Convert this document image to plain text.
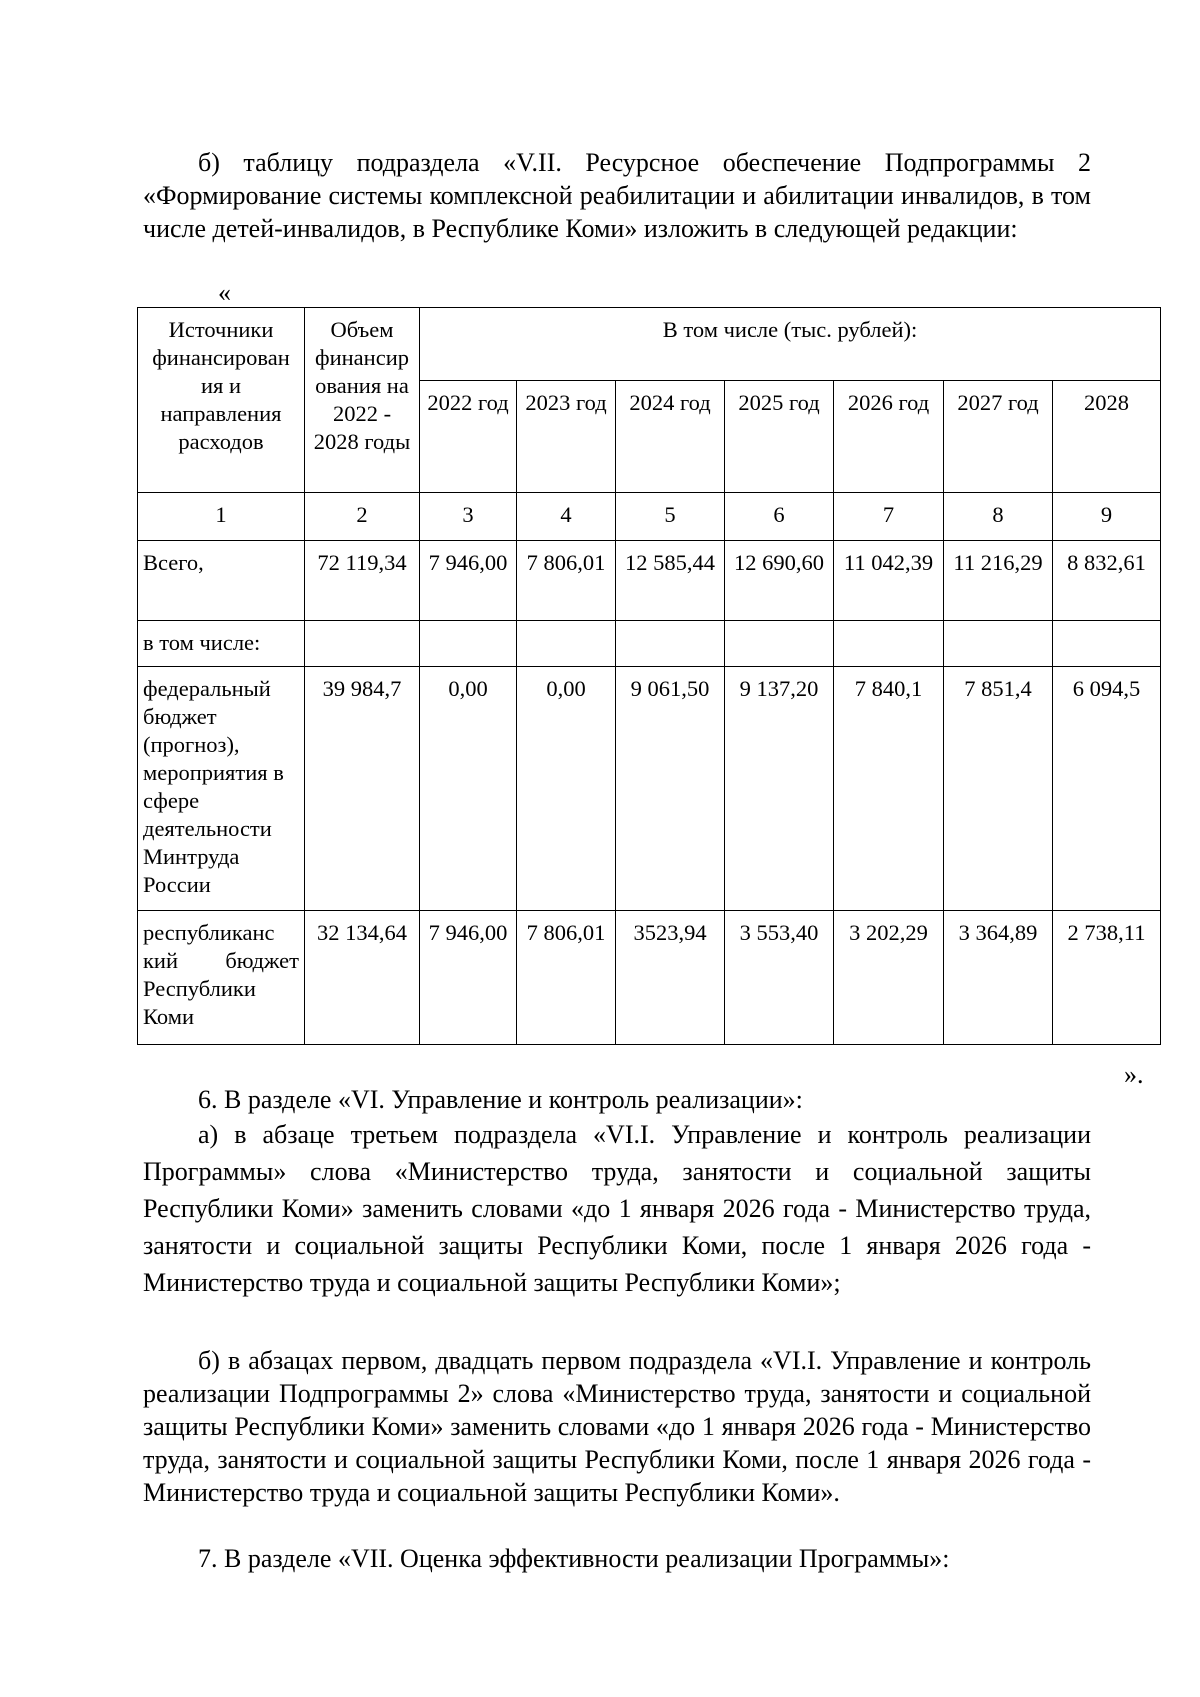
б) таблицу подраздела «V.II. Ресурсное обеспечение Подпрограммы 2 «Формирование системы комплексной реабилитации и абилитации инвалидов, в том числе детей-инвалидов, в Республике Коми» изложить в следующей редакции:

«
Источники финансирован ия и направления расходов	Объем финансир ования на 2022 - 2028 годы	В том числе (тыс. рублей):						
		2022 год	2023 год	2024 год	2025 год	2026 год	2027 год	2028
1	2	3	4	5	6	7	8	9
Всего,	72 119,34	7 946,00	7 806,01	12 585,44	12 690,60	11 042,39	11 216,29	8 832,61
в том числе:								
федеральный бюджет (прогноз), мероприятия в сфере деятельности Минтруда России	39 984,7	0,00	0,00	9 061,50	9 137,20	7 840,1	7 851,4	6 094,5
республиканс кий бюджет Республики Коми	32 134,64	7 946,00	7 806,01	3523,94	3 553,40	3 202,29	3 364,89	2 738,11
».

6. В разделе «VI. Управление и контроль реализации»:

а) в абзаце третьем подраздела «VI.I. Управление и контроль реализации Программы» слова «Министерство труда, занятости и социальной защиты Республики Коми» заменить словами «до 1 января 2026 года - Министерство труда, занятости и социальной защиты Республики Коми, после 1 января 2026 года - Министерство труда и социальной защиты Республики Коми»;

б) в абзацах первом, двадцать первом подраздела «VI.I. Управление и контроль реализации Подпрограммы 2» слова «Министерство труда, занятости и социальной защиты Республики Коми» заменить словами «до 1 января 2026 года - Министерство труда, занятости и социальной защиты Республики Коми, после 1 января 2026 года - Министерство труда и социальной защиты Республики Коми».

7. В разделе «VII. Оценка эффективности реализации Программы»:
